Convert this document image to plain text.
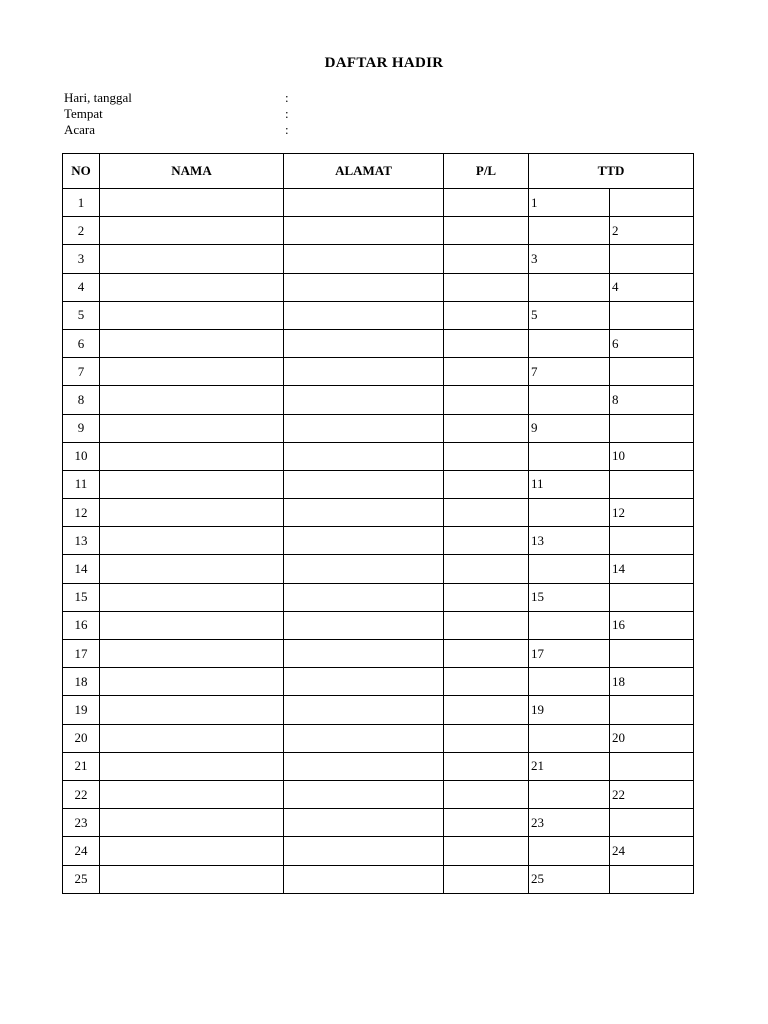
DAFTAR HADIR
Hari, tanggal	:
Tempat	:
Acara	:
NO	NAMA	ALAMAT	P/L	TTD	
1				1	
2					2
3				3	
4					4
5				5	
6					6
7				7	
8					8
9				9	
10					10
11				11	
12					12
13				13	
14					14
15				15	
16					16
17				17	
18					18
19				19	
20					20
21				21	
22					22
23				23	
24					24
25				25	
